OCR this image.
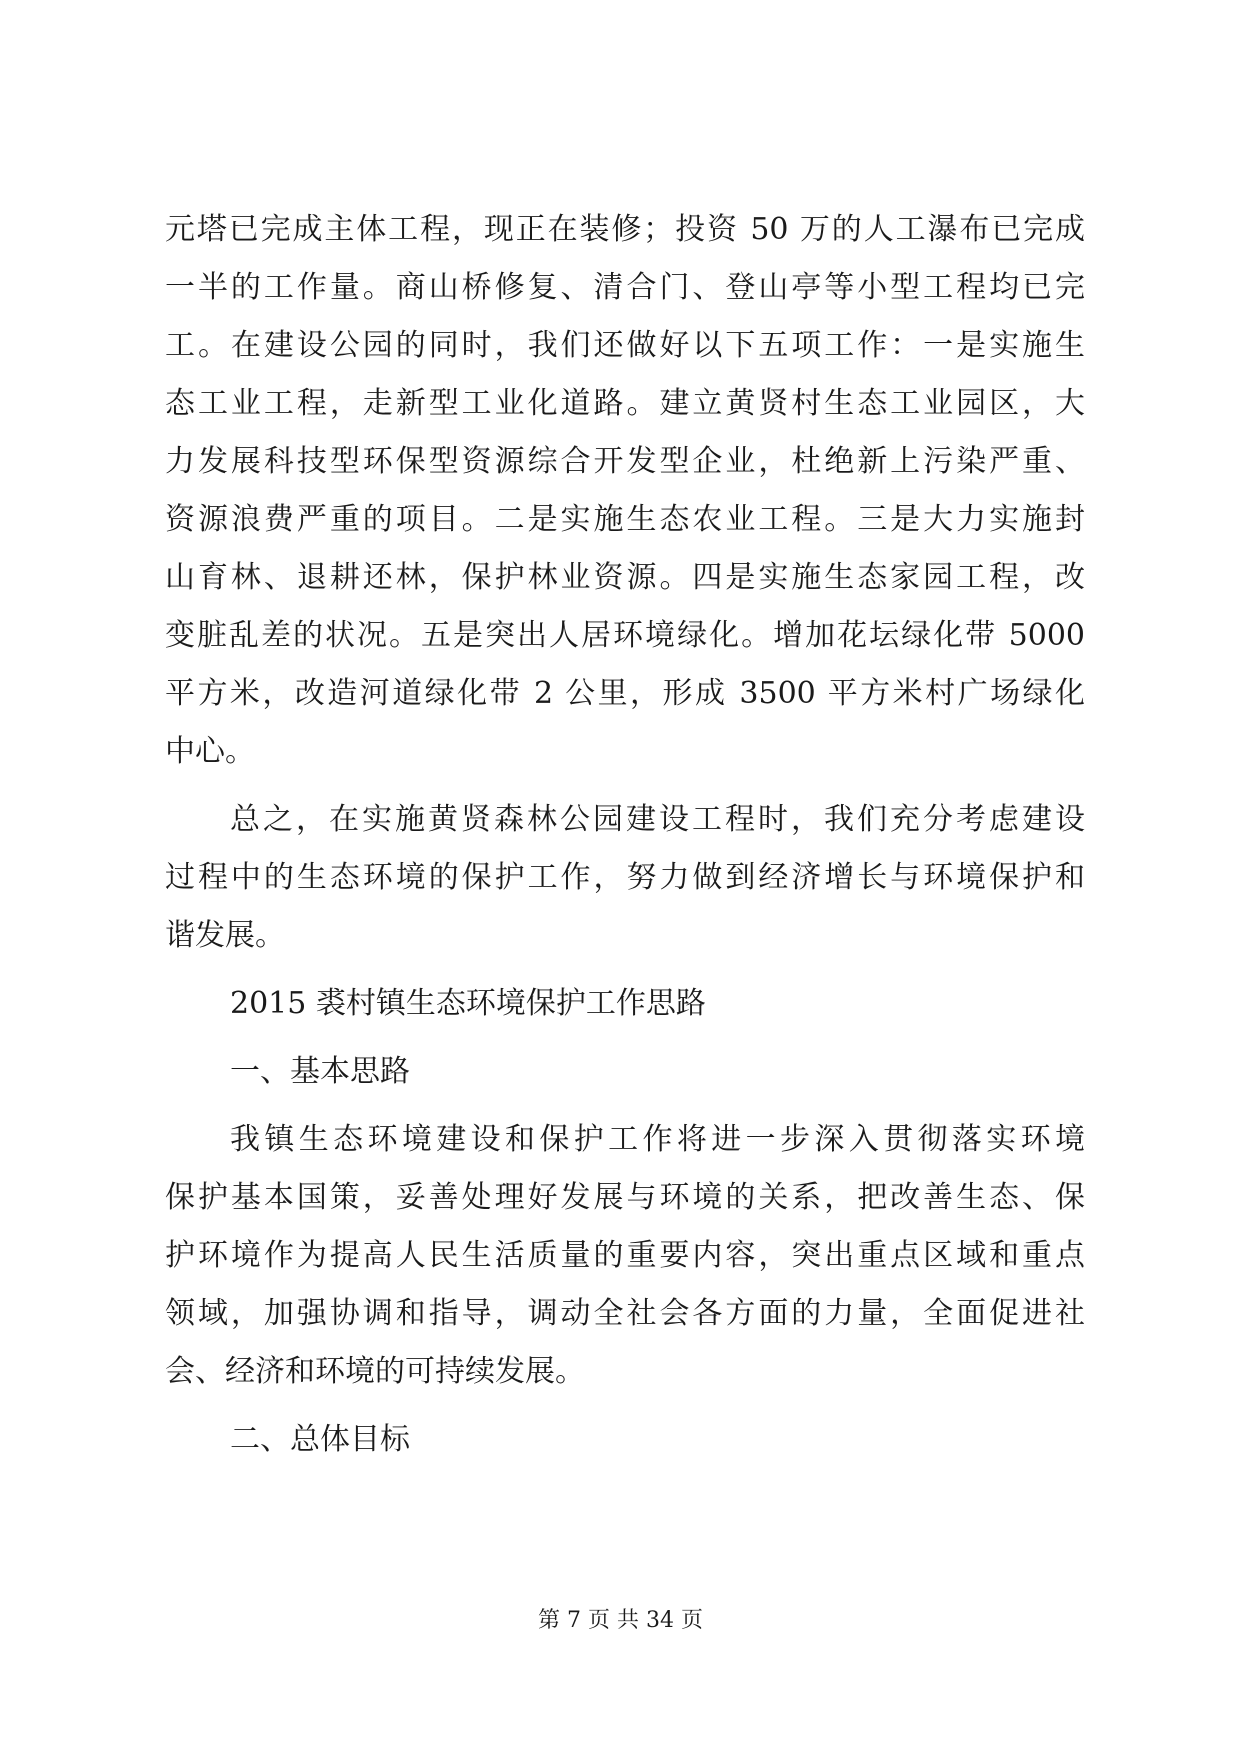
元塔已完成主体工程，现正在装修；投资 50 万的人工瀑布已完成
一半的工作量。商山桥修复、清合门、登山亭等小型工程均已完
工。在建设公园的同时，我们还做好以下五项工作：一是实施生
态工业工程，走新型工业化道路。建立黄贤村生态工业园区，大
力发展科技型环保型资源综合开发型企业，杜绝新上污染严重、
资源浪费严重的项目。二是实施生态农业工程。三是大力实施封
山育林、退耕还林，保护林业资源。四是实施生态家园工程，改
变脏乱差的状况。五是突出人居环境绿化。增加花坛绿化带 5000
平方米，改造河道绿化带 2 公里，形成 3500 平方米村广场绿化
中心。
总之，在实施黄贤森林公园建设工程时，我们充分考虑建设
过程中的生态环境的保护工作，努力做到经济增长与环境保护和
谐发展。
2015 裘村镇生态环境保护工作思路
一、基本思路
我镇生态环境建设和保护工作将进一步深入贯彻落实环境
保护基本国策，妥善处理好发展与环境的关系，把改善生态、保
护环境作为提高人民生活质量的重要内容，突出重点区域和重点
领域，加强协调和指导，调动全社会各方面的力量，全面促进社
会、经济和环境的可持续发展。
二、总体目标
第 7 页 共 34 页
